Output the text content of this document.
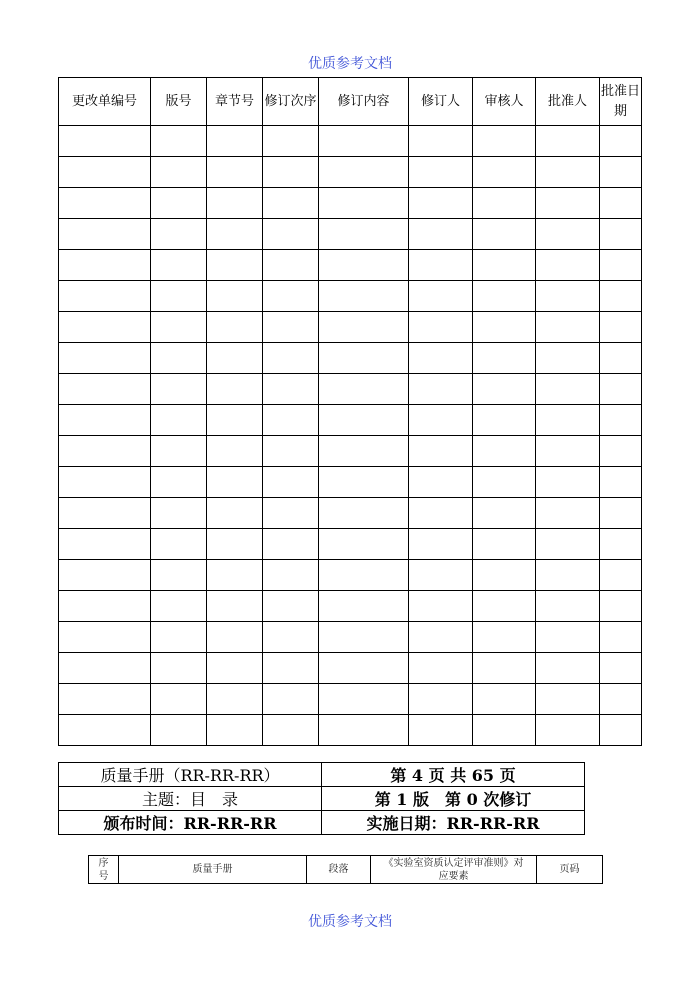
优质参考文档
更改单编号	版号	章节号	修订次序	修订内容	修订人	审核人	批准人	批准日期

质量手册（RR-RR-RR）	第 4 页 共 65 页
主题：目　录	第 1 版　第 0 次修订
颁布时间：RR-RR-RR	实施日期：RR-RR-RR
序号	质量手册	段落	《实验室资质认定评审准则》对应要素	页码
优质参考文档
